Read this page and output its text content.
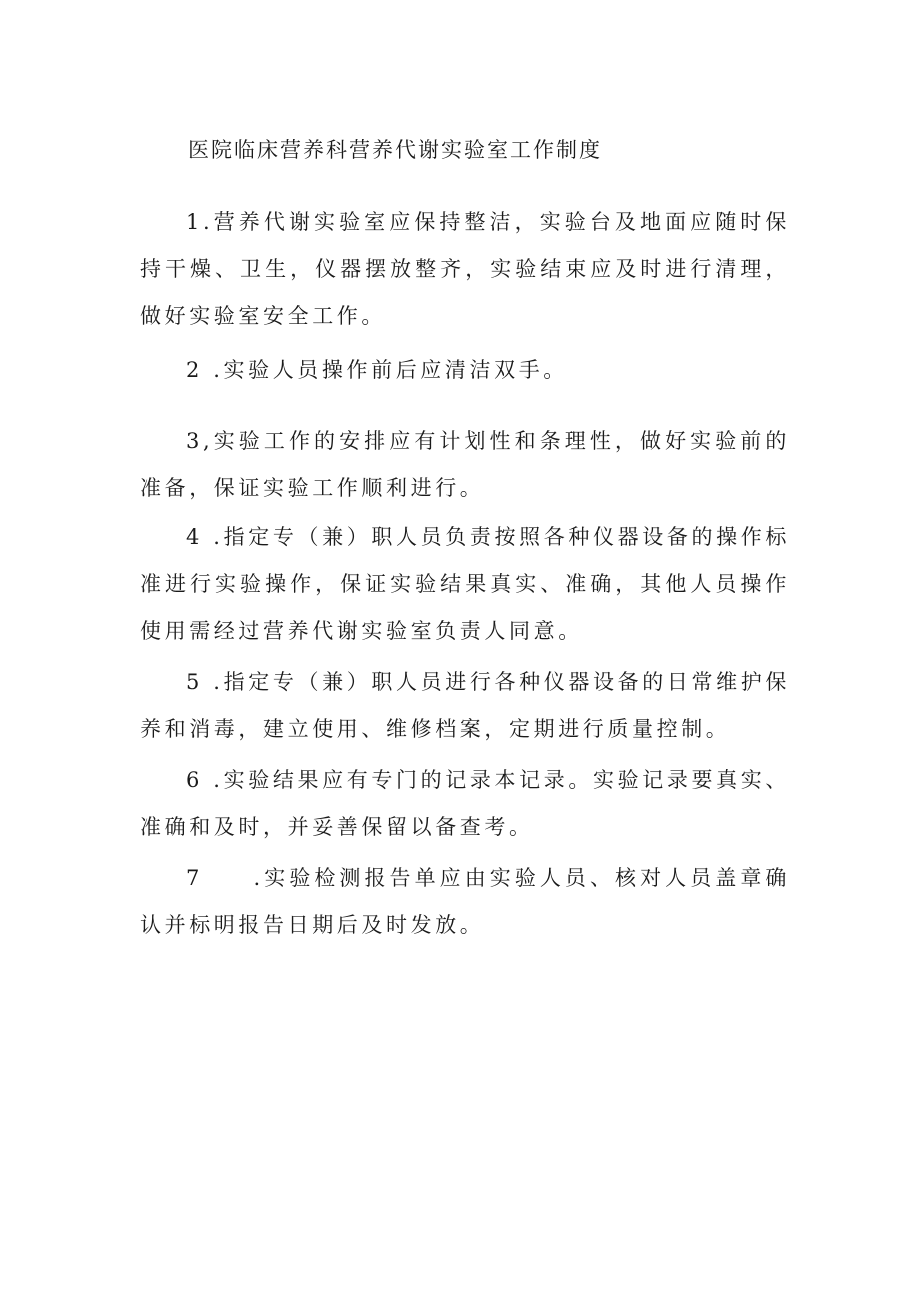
医院临床营养科营养代谢实验室工作制度

1.营养代谢实验室应保持整洁，实验台及地面应随时保持干燥、卫生，仪器摆放整齐，实验结束应及时进行清理，做好实验室安全工作。

2 .实验人员操作前后应清洁双手。

3,实验工作的安排应有计划性和条理性，做好实验前的准备，保证实验工作顺利进行。

4 .指定专（兼）职人员负责按照各种仪器设备的操作标准进行实验操作，保证实验结果真实、准确，其他人员操作使用需经过营养代谢实验室负责人同意。

5 .指定专（兼）职人员进行各种仪器设备的日常维护保养和消毒，建立使用、维修档案，定期进行质量控制。

6 .实验结果应有专门的记录本记录。实验记录要真实、准确和及时，并妥善保留以备查考。

7　　.实验检测报告单应由实验人员、核对人员盖章确认并标明报告日期后及时发放。
